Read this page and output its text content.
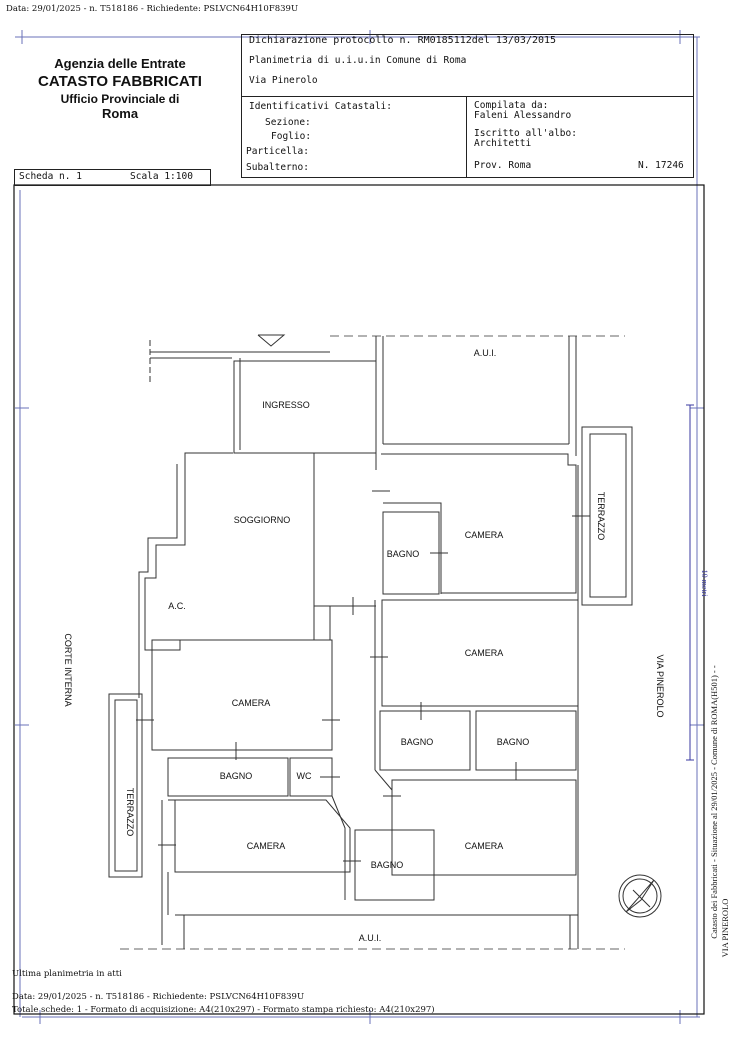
Data: 29/01/2025 - n. T518186 - Richiedente: PSLVCN64H10F839U
Agenzia delle Entrate
CATASTO FABBRICATI
Ufficio Provinciale di
Roma
Dichiarazione protocollo n. RM0185112del 13/03/2015
Planimetria di u.i.u.in Comune di Roma
Via Pinerolo
Identificativi Catastali:
Sezione:
Foglio:
Particella:
Subalterno:
Compilata da:
Faleni Alessandro
Iscritto all'albo:
Architetti
Prov. Roma	N. 17246
Scheda n. 1	Scala 1:100
INGRESSO
SOGGIORNO
A.C.
A.U.I.
A.U.I.
CAMERA
BAGNO
CAMERA
CAMERA
BAGNO	BAGNO
BAGNO	WC
CAMERA
BAGNO
CAMERA
TERRAZZO
TERRAZZO
CORTE INTERNA	VIA PINEROLO
10 metri
Catasto dei Fabbricati - Situazione al 29/01/2025 - Comune di ROMA(H501) - - VIA PINEROLO
Ultima planimetria in atti
Data: 29/01/2025 - n. T518186 - Richiedente: PSLVCN64H10F839U
Totale schede: 1 - Formato di acquisizione: A4(210x297) - Formato stampa richiesto: A4(210x297)
